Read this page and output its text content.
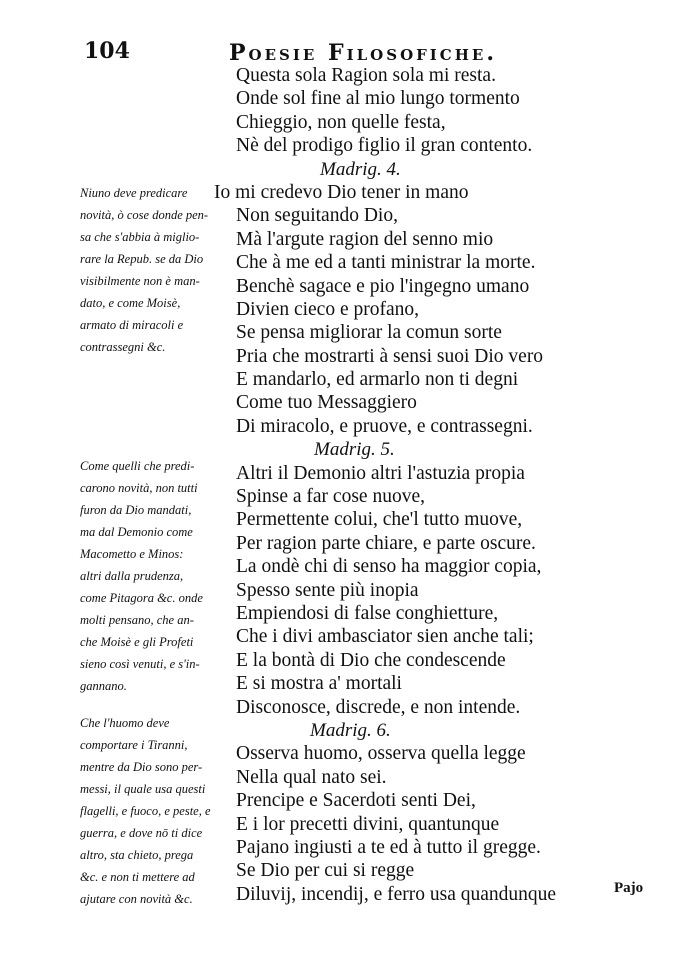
104	Poesie Filosofiche.
Questa sola Ragion sola mi resta.
Onde sol fine al mio lungo tormento
Chieggio, non quelle festa,
Nè del prodigo figlio il gran contento.
Madrig. 4.
Io mi credevo Dio tener in mano
Non seguitando Dio,
Mà l'argute ragion del senno mio
Che à me ed a tanti ministrar la morte.
Benchè sagace e pio l'ingegno umano
Divien cieco e profano,
Se pensa migliorar la comun sorte
Pria che mostrarti à sensi suoi Dio vero
E mandarlo, ed armarlo non ti degni
Come tuo Messaggiero
Di miracolo, e pruove, e contrassegni.
Madrig. 5.
Altri il Demonio altri l'astuzia propia
Spinse a far cose nuove,
Permettente colui, che'l tutto muove,
Per ragion parte chiare, e parte oscure.
La ondè chi di senso ha maggior copia,
Spesso sente più inopia
Empiendosi di false conghietture,
Che i divi ambasciator sien anche tali;
E la bontà di Dio che condescende
E si mostra a' mortali
Disconosce, discrede, e non intende.
Madrig. 6.
Osserva huomo, osserva quella legge
Nella qual nato sei.
Prencipe e Sacerdoti senti Dei,
E i lor precetti divini, quantunque
Pajano ingiusti a te ed à tutto il gregge.
Se Dio per cui si regge
Diluvij, incendij, e ferro usa quandunque
Niuno deve predicare
novità, ò cose donde pen-
sa che s'abbia à miglio-
rare la Repub. se da Dio
visibilmente non è man-
dato, e come Moisè,
armato di miracoli e
contrassegni &c.
Come quelli che predi-
carono novità, non tutti
furon da Dio mandati,
ma dal Demonio come
Macometto e Minos:
altri dalla prudenza,
come Pitagora &c. onde
molti pensano, che an-
che Moisè e gli Profeti
sieno così venuti, e s'in-
gannano.
Che l'huomo deve
comportare i Tiranni,
mentre da Dio sono per-
messi, il quale usa questi
flagelli, e fuoco, e peste, e
guerra, e dove nō ti dice
altro, sta chieto, prega
&c. e non ti mettere ad
ajutare con novità &c.
Pajo
